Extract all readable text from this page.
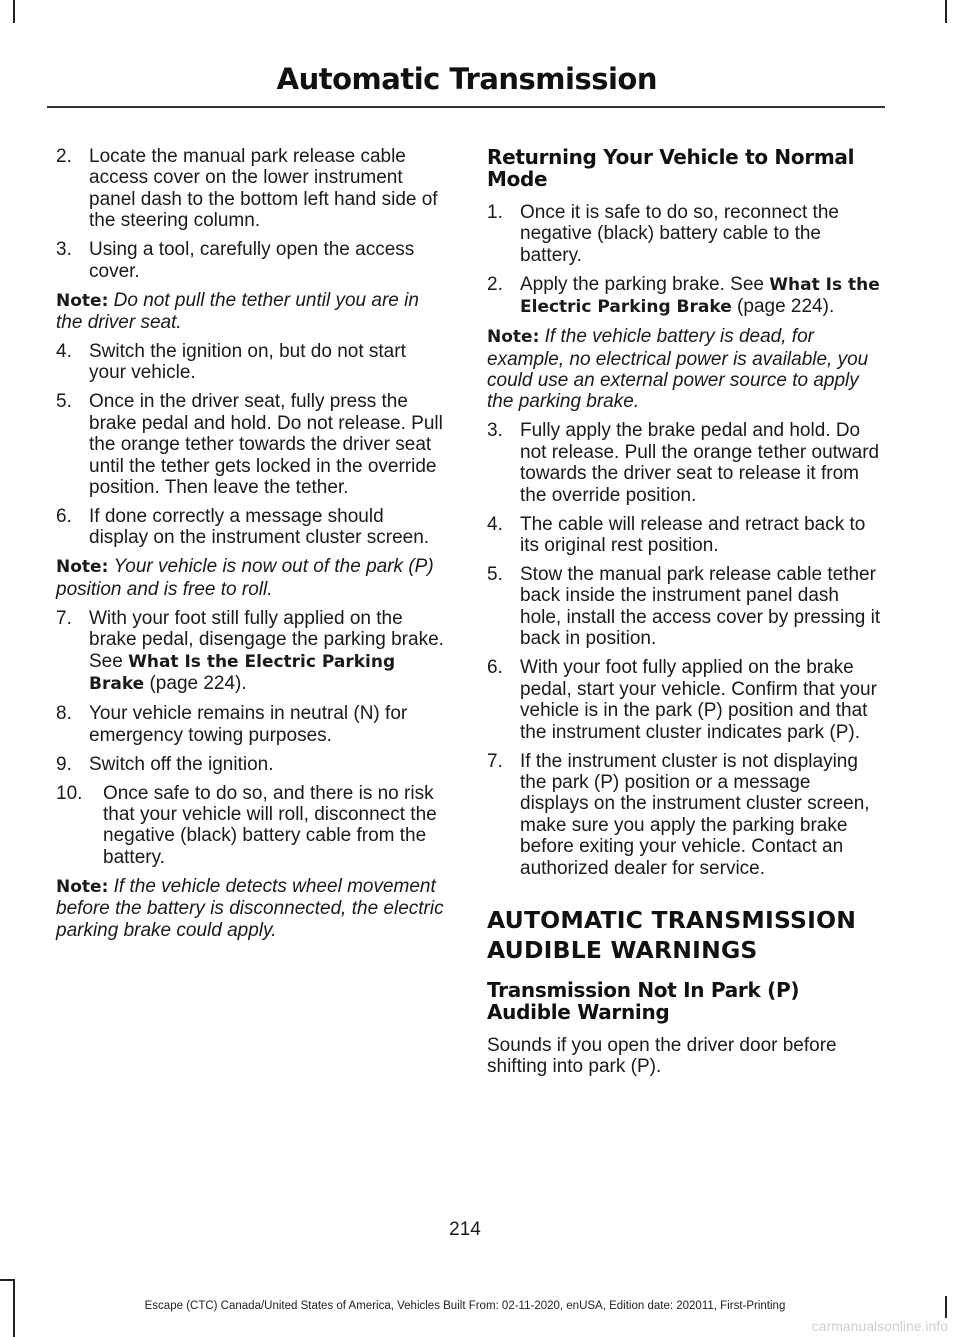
Automatic Transmission
2. Locate the manual park release cable access cover on the lower instrument panel dash to the bottom left hand side of the steering column.
3. Using a tool, carefully open the access cover.
Note: Do not pull the tether until you are in the driver seat.
4. Switch the ignition on, but do not start your vehicle.
5. Once in the driver seat, fully press the brake pedal and hold. Do not release. Pull the orange tether towards the driver seat until the tether gets locked in the override position. Then leave the tether.
6. If done correctly a message should display on the instrument cluster screen.
Note: Your vehicle is now out of the park (P) position and is free to roll.
7. With your foot still fully applied on the brake pedal, disengage the parking brake. See What Is the Electric Parking Brake (page 224).
8. Your vehicle remains in neutral (N) for emergency towing purposes.
9. Switch off the ignition.
10.	Once safe to do so, and there is no risk that your vehicle will roll, disconnect the negative (black) battery cable from the battery.
Note: If the vehicle detects wheel movement before the battery is disconnected, the electric parking brake could apply.
Returning Your Vehicle to Normal Mode
1. Once it is safe to do so, reconnect the negative (black) battery cable to the battery.
2. Apply the parking brake. See What Is the Electric Parking Brake (page 224).
Note: If the vehicle battery is dead, for example, no electrical power is available, you could use an external power source to apply the parking brake.
3. Fully apply the brake pedal and hold. Do not release. Pull the orange tether outward towards the driver seat to release it from the override position.
4. The cable will release and retract back to its original rest position.
5. Stow the manual park release cable tether back inside the instrument panel dash hole, install the access cover by pressing it back in position.
6. With your foot fully applied on the brake pedal, start your vehicle. Confirm that your vehicle is in the park (P) position and that the instrument cluster indicates park (P).
7. If the instrument cluster is not displaying the park (P) position or a message displays on the instrument cluster screen, make sure you apply the parking brake before exiting your vehicle. Contact an authorized dealer for service.
AUTOMATIC TRANSMISSION
AUDIBLE WARNINGS
Transmission Not In Park (P) Audible Warning

Sounds if you open the driver door before shifting into park (P).

214
Escape (CTC) Canada/United States of America, Vehicles Built From: 02-11-2020, enUSA, Edition date: 202011, First-Printing
carmanualsonline.info
